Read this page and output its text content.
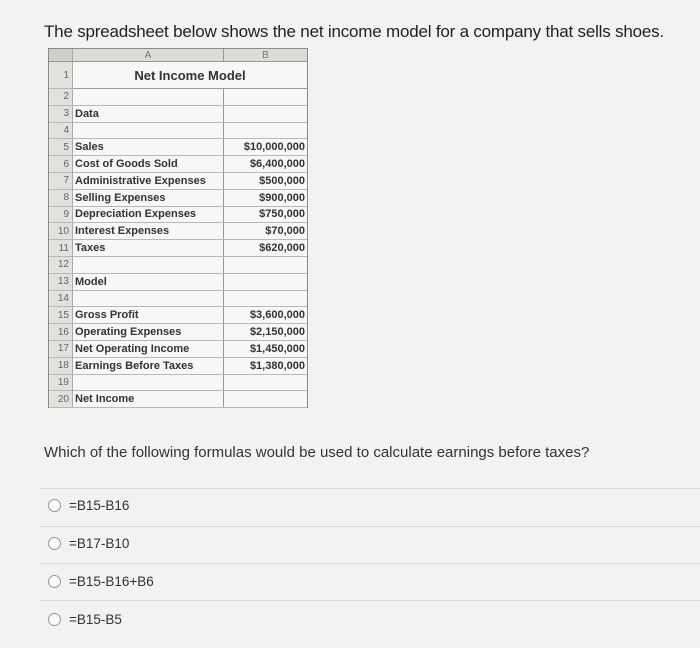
The spreadsheet below shows the net income model for a company that sells shoes.
	A	B
1	Net Income Model	
2		
3	Data	
4		
5	Sales	$10,000,000
6	Cost of Goods Sold	$6,400,000
7	Administrative Expenses	$500,000
8	Selling Expenses	$900,000
9	Depreciation Expenses	$750,000
10	Interest Expenses	$70,000
11	Taxes	$620,000
12		
13	Model	
14		
15	Gross Profit	$3,600,000
16	Operating Expenses	$2,150,000
17	Net Operating Income	$1,450,000
18	Earnings Before Taxes	$1,380,000
19		
20	Net Income	
Which of the following formulas would be used to calculate earnings before taxes?
=B15-B16
=B17-B10
=B15-B16+B6
=B15-B5
